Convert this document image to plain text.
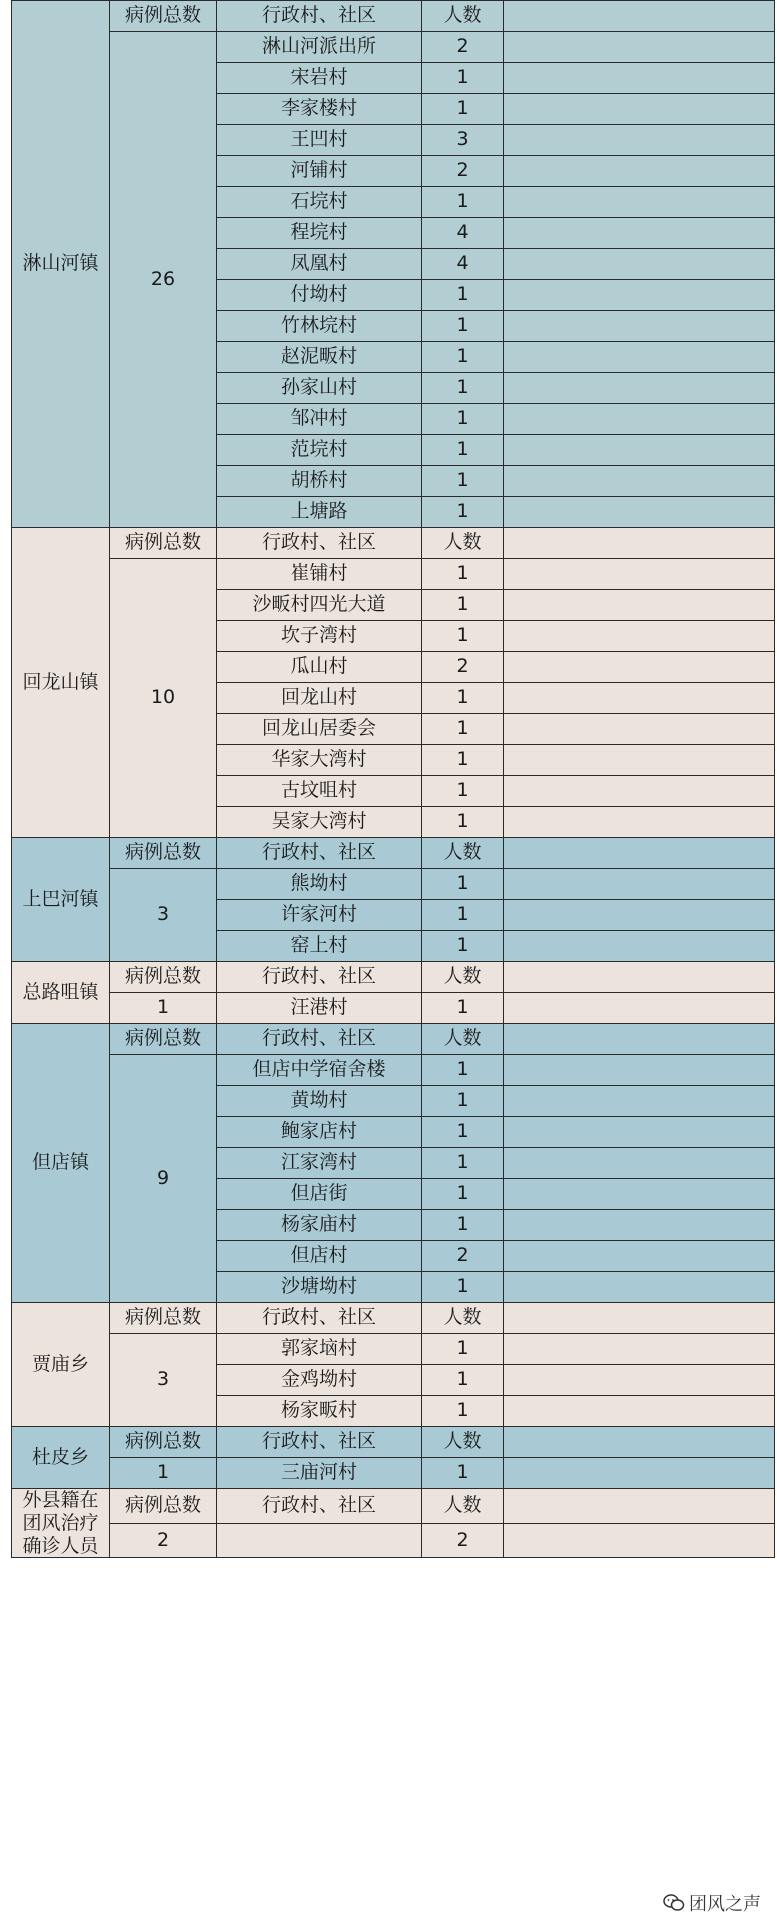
淋山河镇	病例总数	行政村、社区	人数	
	26	淋山河派出所	2	
		宋岩村	1	
		李家楼村	1	
		王凹村	3	
		河铺村	2	
		石垸村	1	
		程垸村	4	
		凤凰村	4	
		付坳村	1	
		竹林垸村	1	
		赵泥畈村	1	
		孙家山村	1	
		邹冲村	1	
		范垸村	1	
		胡桥村	1	
		上塘路	1	
回龙山镇	病例总数	行政村、社区	人数	
	10	崔铺村	1	
		沙畈村四光大道	1	
		坎子湾村	1	
		瓜山村	2	
		回龙山村	1	
		回龙山居委会	1	
		华家大湾村	1	
		古坟咀村	1	
		吴家大湾村	1	
上巴河镇	病例总数	行政村、社区	人数	
	3	熊坳村	1	
		许家河村	1	
		窑上村	1	
总路咀镇	病例总数	行政村、社区	人数	
	1	汪港村	1	
但店镇	病例总数	行政村、社区	人数	
	9	但店中学宿舍楼	1	
		黄坳村	1	
		鲍家店村	1	
		江家湾村	1	
		但店街	1	
		杨家庙村	1	
		但店村	2	
		沙塘坳村	1	
贾庙乡	病例总数	行政村、社区	人数	
	3	郭家垴村	1	
		金鸡坳村	1	
		杨家畈村	1	
杜皮乡	病例总数	行政村、社区	人数	
	1	三庙河村	1	
外县籍在团风治疗确诊人员	病例总数	行政村、社区	人数	
	2		2	
团风之声
